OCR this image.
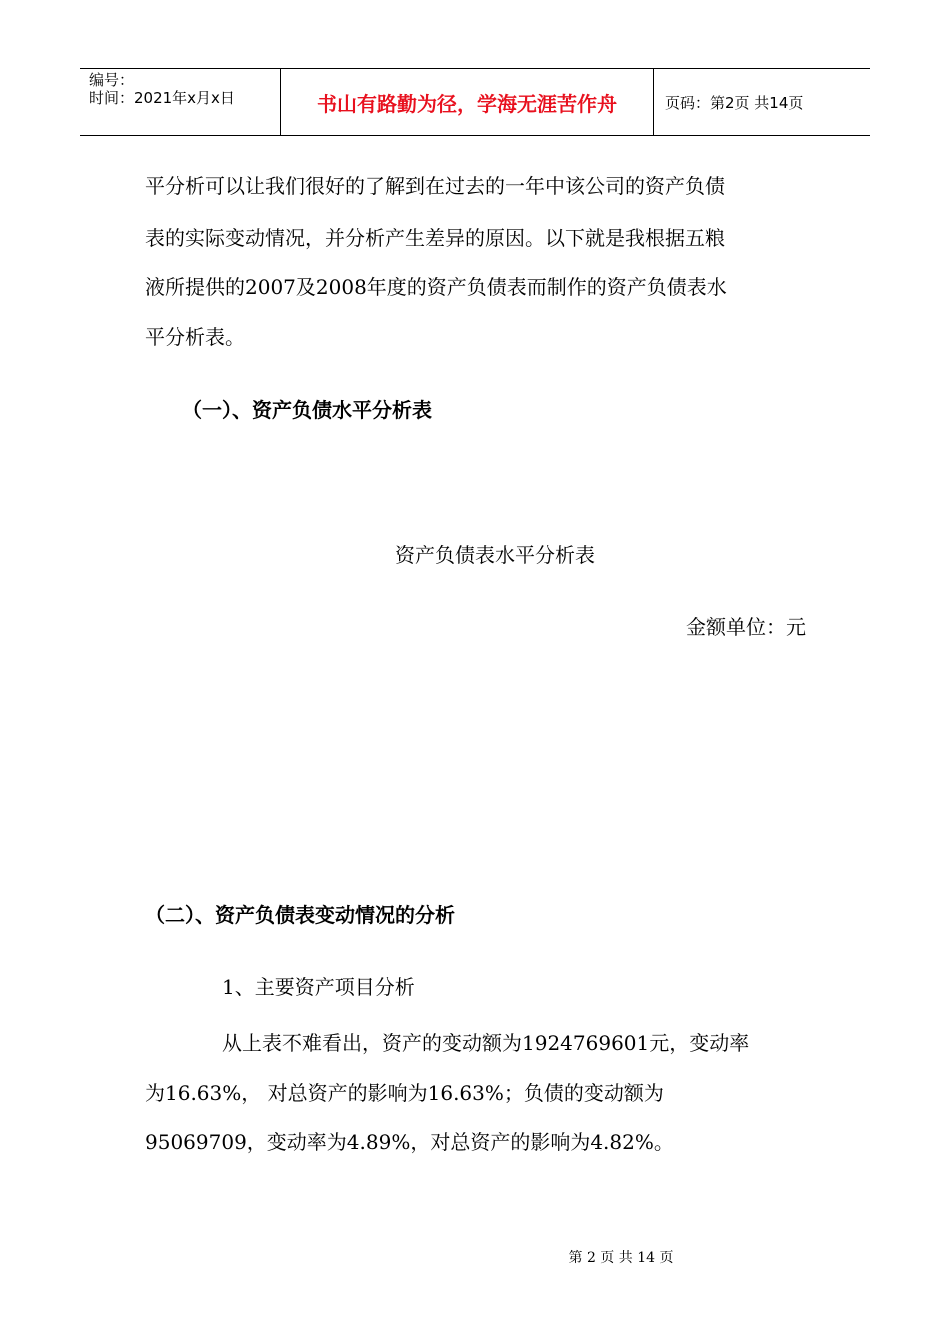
编号：
时间：2021年x月x日	书山有路勤为径，学海无涯苦作舟	页码：第2页 共14页
平分析可以让我们很好的了解到在过去的一年中该公司的资产负债
表的实际变动情况，并分析产生差异的原因。以下就是我根据五粮
液所提供的2007及2008年度的资产负债表而制作的资产负债表水
平分析表。
（一）、资产负债水平分析表
资产负债表水平分析表
金额单位：元
（二）、资产负债表变动情况的分析
1、主要资产项目分析
从上表不难看出，资产的变动额为1924769601元，变动率
为16.63%， 对总资产的影响为16.63%；负债的变动额为
95069709，变动率为4.89%，对总资产的影响为4.82%。
第 2 页 共 14 页
